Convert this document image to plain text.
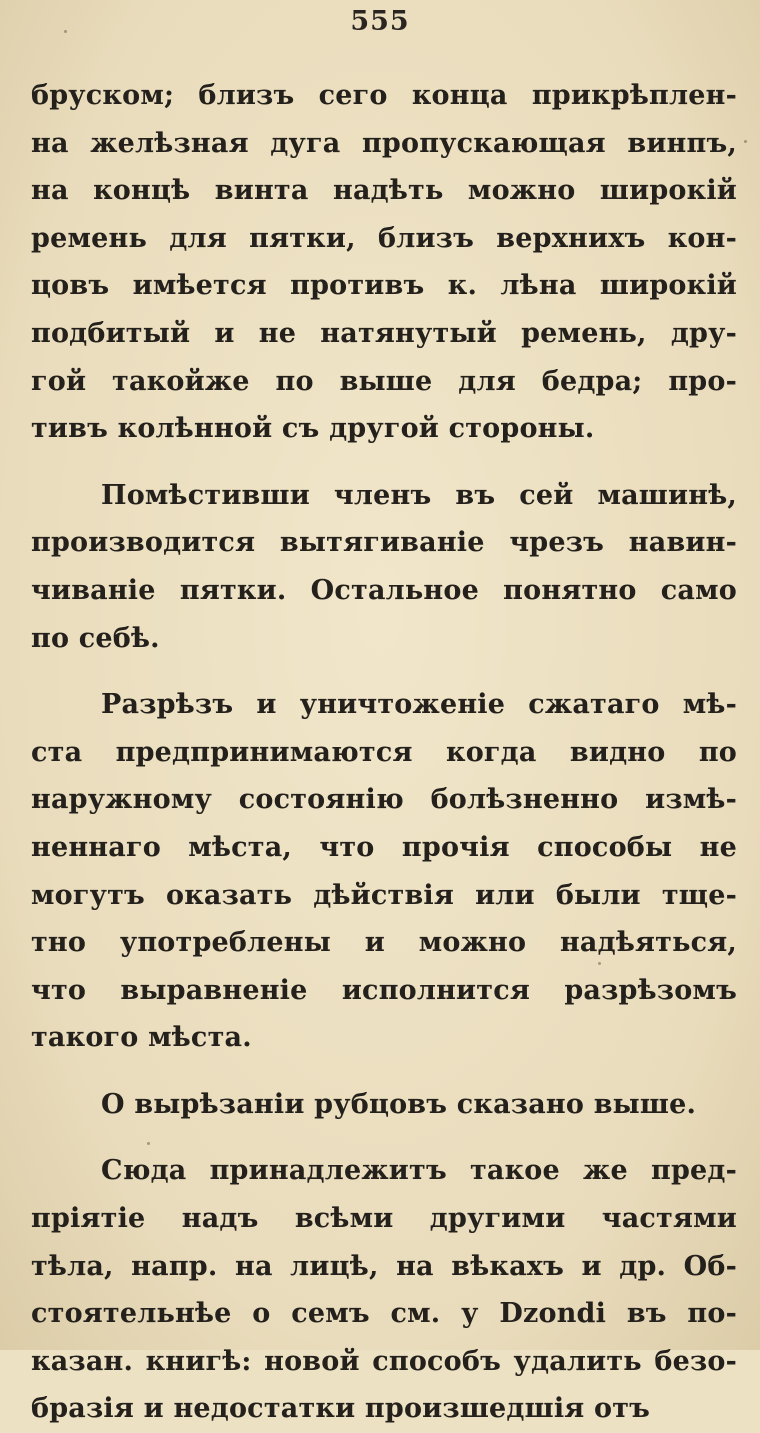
555
бруском; близъ сего конца прикрѣплен-
на желѣзная дуга пропускающая винпъ,
на концѣ винта надѣть можно широкій
ремень для пятки, близъ верхнихъ кон-
цовъ имѣется противъ к. лѣна широкій
подбитый и не натянутый ремень, дру-
гой такойже по выше для бедра; про-
тивъ колѣнной съ другой стороны.
Помѣстивши членъ въ сей машинѣ,
производится вытягиваніе чрезъ навин-
чиваніе пятки. Остальное понятно само
по себѣ.
Разрѣзъ и уничтоженіе сжатаго мѣ-
ста предпринимаются когда видно по
наружному состоянію болѣзненно измѣ-
неннаго мѣста, что прочія способы не
могутъ оказать дѣйствія или были тще-
тно употреблены и можно надѣяться,
что выравненіе исполнится разрѣзомъ
такого мѣста.
О вырѣзаніи рубцовъ сказано выше.
Сюда принадлежитъ такое же пред-
пріятіе надъ всѣми другими частями
тѣла, напр. на лицѣ, на вѣкахъ и др. Об-
стоятельнѣе о семъ см. у Dzondi въ по-
казан. книгѣ: новой способъ удалить безо-
бразія и недостатки произшедшія отъ
